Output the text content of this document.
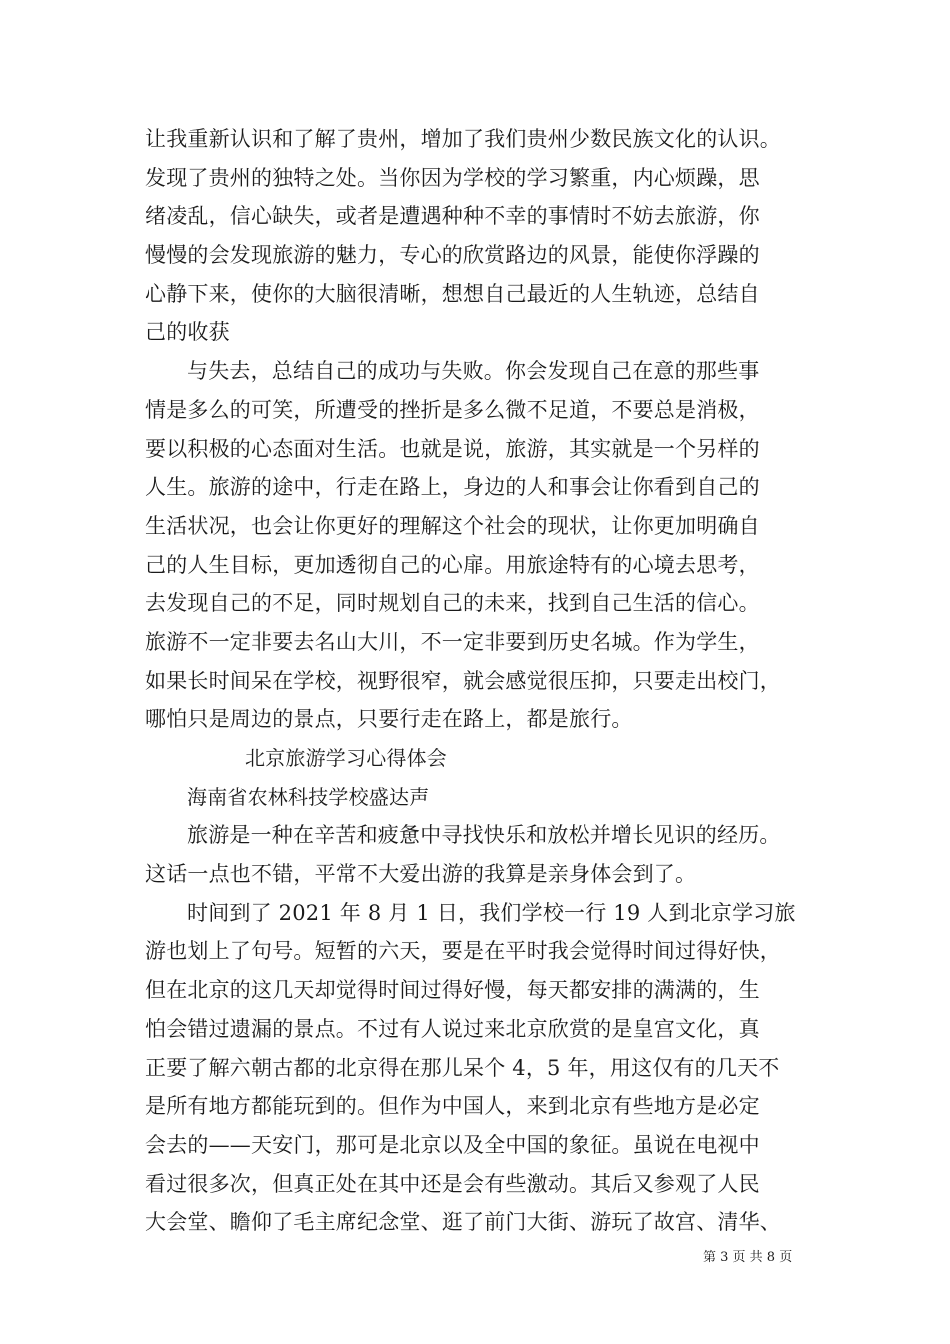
让我重新认识和了解了贵州，增加了我们贵州少数民族文化的认识。
发现了贵州的独特之处。当你因为学校的学习繁重，内心烦躁，思
绪凌乱，信心缺失，或者是遭遇种种不幸的事情时不妨去旅游，你
慢慢的会发现旅游的魅力，专心的欣赏路边的风景，能使你浮躁的
心静下来，使你的大脑很清晰，想想自己最近的人生轨迹，总结自
己的收获
与失去，总结自己的成功与失败。你会发现自己在意的那些事
情是多么的可笑，所遭受的挫折是多么微不足道，不要总是消极，
要以积极的心态面对生活。也就是说，旅游，其实就是一个另样的
人生。旅游的途中，行走在路上，身边的人和事会让你看到自己的
生活状况，也会让你更好的理解这个社会的现状，让你更加明确自
己的人生目标，更加透彻自己的心扉。用旅途特有的心境去思考，
去发现自己的不足，同时规划自己的未来，找到自己生活的信心。
旅游不一定非要去名山大川，不一定非要到历史名城。作为学生，
如果长时间呆在学校，视野很窄，就会感觉很压抑，只要走出校门，
哪怕只是周边的景点，只要行走在路上，都是旅行。
北京旅游学习心得体会
海南省农林科技学校盛达声
旅游是一种在辛苦和疲惫中寻找快乐和放松并增长见识的经历。
这话一点也不错，平常不大爱出游的我算是亲身体会到了。
时间到了 2021 年 8 月 1 日，我们学校一行 19 人到北京学习旅
游也划上了句号。短暂的六天，要是在平时我会觉得时间过得好快，
但在北京的这几天却觉得时间过得好慢，每天都安排的满满的，生
怕会错过遗漏的景点。不过有人说过来北京欣赏的是皇宫文化，真
正要了解六朝古都的北京得在那儿呆个 4，5 年，用这仅有的几天不
是所有地方都能玩到的。但作为中国人，来到北京有些地方是必定
会去的——天安门，那可是北京以及全中国的象征。虽说在电视中
看过很多次，但真正处在其中还是会有些激动。其后又参观了人民
大会堂、瞻仰了毛主席纪念堂、逛了前门大街、游玩了故宫、清华、
第 3 页 共 8 页
